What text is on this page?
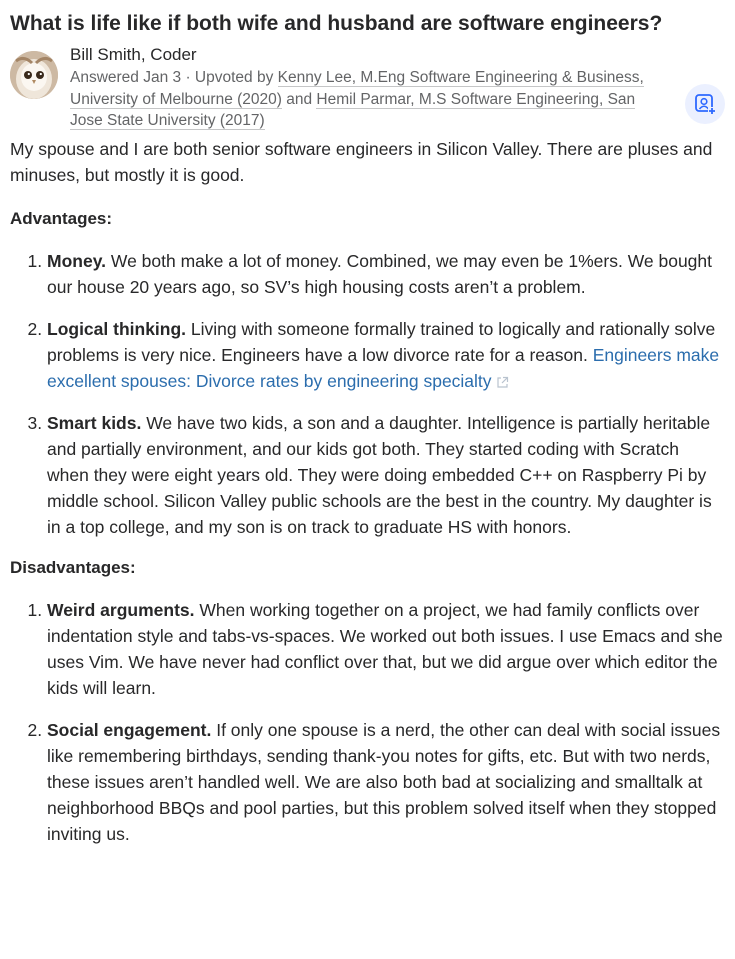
What is life like if both wife and husband are software engineers?
Bill Smith, Coder
Answered Jan 3 · Upvoted by Kenny Lee, M.Eng Software Engineering & Business, University of Melbourne (2020) and Hemil Parmar, M.S Software Engineering, San Jose State University (2017)

My spouse and I are both senior software engineers in Silicon Valley. There are pluses and minuses, but mostly it is good.

Advantages:
1. Money. We both make a lot of money. Combined, we may even be 1%ers. We bought our house 20 years ago, so SV’s high housing costs aren’t a problem.
2. Logical thinking. Living with someone formally trained to logically and rationally solve problems is very nice. Engineers have a low divorce rate for a reason. Engineers make excellent spouses: Divorce rates by engineering specialty
3. Smart kids. We have two kids, a son and a daughter. Intelligence is partially heritable and partially environment, and our kids got both. They started coding with Scratch when they were eight years old. They were doing embedded C++ on Raspberry Pi by middle school. Silicon Valley public schools are the best in the country. My daughter is in a top college, and my son is on track to graduate HS with honors.
Disadvantages:
1. Weird arguments. When working together on a project, we had family conflicts over indentation style and tabs-vs-spaces. We worked out both issues. I use Emacs and she uses Vim. We have never had conflict over that, but we did argue over which editor the kids will learn.
2. Social engagement. If only one spouse is a nerd, the other can deal with social issues like remembering birthdays, sending thank-you notes for gifts, etc. But with two nerds, these issues aren’t handled well. We are also both bad at socializing and smalltalk at neighborhood BBQs and pool parties, but this problem solved itself when they stopped inviting us.
